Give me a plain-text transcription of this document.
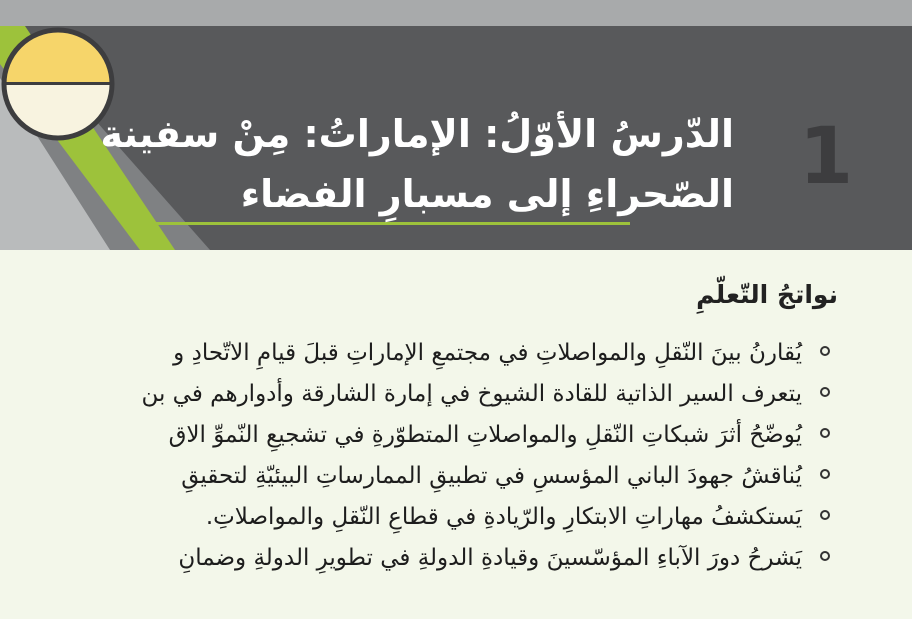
الدّرسُ الأوّلُ: الإماراتُ: مِنْ سفينة
الصّحراءِ إلى مسبارِ الفضاء 1
نواتجُ التّعلّمِ
يُقارنُ بينَ النّقلِ والمواصلاتِ في مجتمعِ الإماراتِ قبلَ قيامِ الاتّحادِ و
يتعرف السير الذاتية للقادة الشيوخ في إمارة الشارقة وأدوارهم في بن
يُوضّحُ أثرَ شبكاتِ النّقلِ والمواصلاتِ المتطوّرةِ في تشجيعِ النّموِّ الاق
يُناقشُ جهودَ الباني المؤسسِ في تطبيقِ الممارساتِ البيئيّةِ لتحقيقِ
يَستكشفُ مهاراتِ الابتكارِ والرّيادةِ في قطاعِ النّقلِ والمواصلاتِ.
يَشرحُ دورَ الآباءِ المؤسّسينَ وقيادةِ الدولةِ في تطويرِ الدولةِ وضمانِ
